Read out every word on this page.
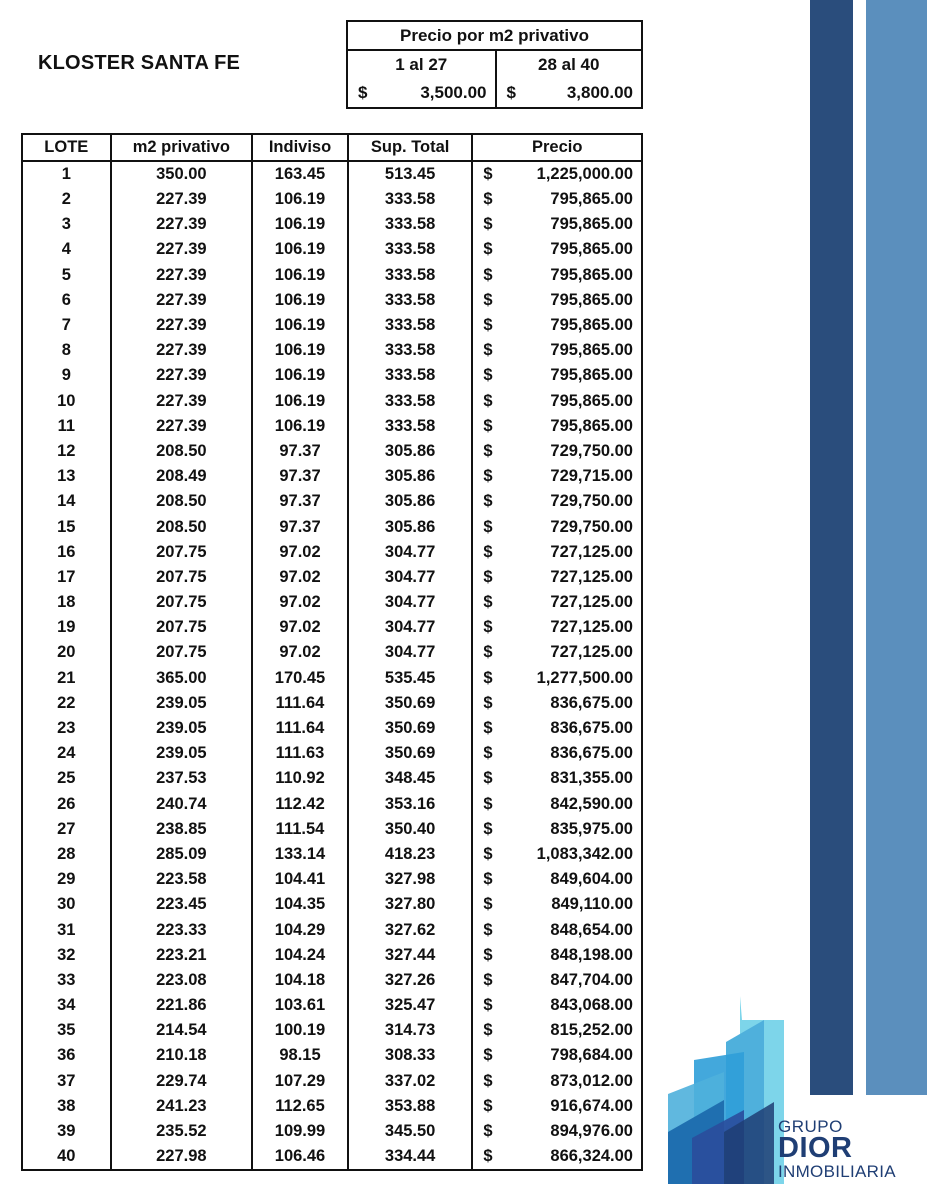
KLOSTER SANTA FE
Precio por m2 privativo
1 al 27
$	3,500.00
28 al 40
$	3,800.00
LOTE	m2 privativo	Indiviso	Sup. Total	Precio
1	350.00	163.45	513.45	$ 1,225,000.00

2	227.39	106.19	333.58	$ 795,865.00

3	227.39	106.19	333.58	$ 795,865.00

4	227.39	106.19	333.58	$ 795,865.00

5	227.39	106.19	333.58	$ 795,865.00

6	227.39	106.19	333.58	$ 795,865.00

7	227.39	106.19	333.58	$ 795,865.00

8	227.39	106.19	333.58	$ 795,865.00

9	227.39	106.19	333.58	$ 795,865.00

10	227.39	106.19	333.58	$ 795,865.00

11	227.39	106.19	333.58	$ 795,865.00

12	208.50	97.37	305.86	$ 729,750.00

13	208.49	97.37	305.86	$ 729,715.00

14	208.50	97.37	305.86	$ 729,750.00

15	208.50	97.37	305.86	$ 729,750.00

16	207.75	97.02	304.77	$ 727,125.00

17	207.75	97.02	304.77	$ 727,125.00

18	207.75	97.02	304.77	$ 727,125.00

19	207.75	97.02	304.77	$ 727,125.00

20	207.75	97.02	304.77	$ 727,125.00

21	365.00	170.45	535.45	$ 1,277,500.00

22	239.05	111.64	350.69	$ 836,675.00

23	239.05	111.64	350.69	$ 836,675.00

24	239.05	111.63	350.69	$ 836,675.00

25	237.53	110.92	348.45	$ 831,355.00

26	240.74	112.42	353.16	$ 842,590.00

27	238.85	111.54	350.40	$ 835,975.00

28	285.09	133.14	418.23	$ 1,083,342.00

29	223.58	104.41	327.98	$ 849,604.00

30	223.45	104.35	327.80	$ 849,110.00

31	223.33	104.29	327.62	$ 848,654.00

32	223.21	104.24	327.44	$ 848,198.00

33	223.08	104.18	327.26	$ 847,704.00

34	221.86	103.61	325.47	$ 843,068.00

35	214.54	100.19	314.73	$ 815,252.00

36	210.18	98.15	308.33	$ 798,684.00

37	229.74	107.29	337.02	$ 873,012.00

38	241.23	112.65	353.88	$ 916,674.00

39	235.52	109.99	345.50	$ 894,976.00

40	227.98	106.46	334.44	$ 866,324.00
GRUPO
DIOR
INMOBILIARIA
